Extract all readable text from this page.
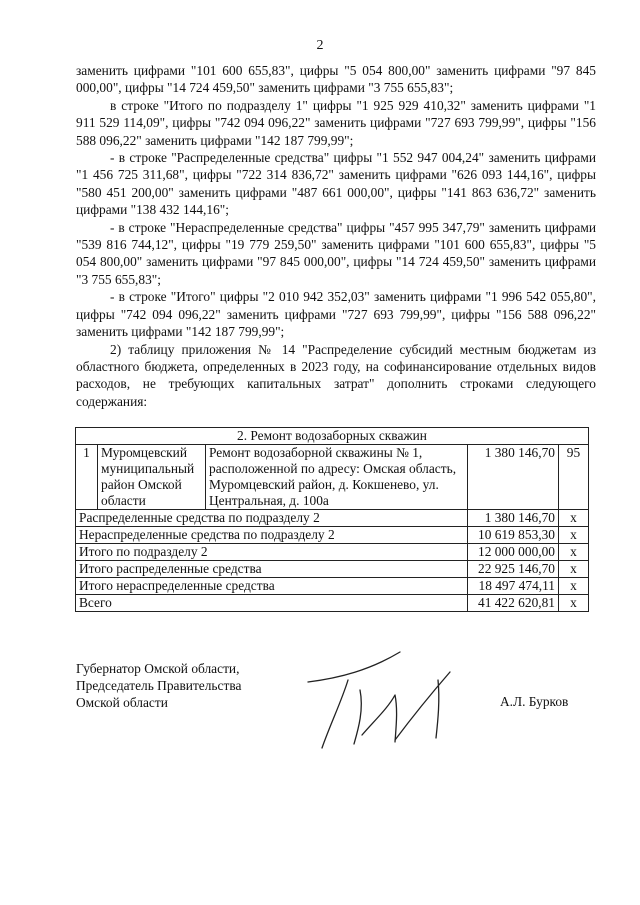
2

заменить цифрами "101 600 655,83", цифры "5 054 800,00" заменить цифрами "97 845 000,00", цифры "14 724 459,50" заменить цифрами "3 755 655,83";

в строке "Итого по подразделу 1" цифры "1 925 929 410,32" заменить цифрами "1 911 529 114,09", цифры "742 094 096,22" заменить цифрами "727 693 799,99", цифры "156 588 096,22" заменить цифрами "142 187 799,99";

- в строке "Распределенные средства" цифры "1 552 947 004,24" заменить цифрами "1 456 725 311,68", цифры "722 314 836,72" заменить цифрами "626 093 144,16", цифры "580 451 200,00" заменить цифрами "487 661 000,00", цифры "141 863 636,72" заменить цифрами "138 432 144,16";

- в строке "Нераспределенные средства" цифры "457 995 347,79" заменить цифрами "539 816 744,12", цифры "19 779 259,50" заменить цифрами "101 600 655,83", цифры "5 054 800,00" заменить цифрами "97 845 000,00", цифры "14 724 459,50" заменить цифрами "3 755 655,83";

- в строке "Итого" цифры "2 010 942 352,03" заменить цифрами "1 996 542 055,80", цифры "742 094 096,22" заменить цифрами "727 693 799,99", цифры "156 588 096,22" заменить цифрами "142 187 799,99";

2) таблицу приложения № 14 "Распределение субсидий местным бюджетам из областного бюджета, определенных в 2023 году, на софинансирование отдельных видов расходов, не требующих капитальных затрат" дополнить строками следующего содержания:

2. Ремонт водозаборных скважин				
1	Муромцевский муниципальный район Омской области	Ремонт водозаборной скважины № 1, расположенной по адресу: Омская область, Муромцевский район, д. Кокшенево, ул. Центральная, д. 100а	1 380 146,70	95
Распределенные средства по подразделу 2			1 380 146,70	x
Нераспределенные средства по подразделу 2			10 619 853,30	x
Итого по подразделу 2			12 000 000,00	x
Итого распределенные средства			22 925 146,70	x
Итого нераспределенные средства			18 497 474,11	x
Всего			41 422 620,81	x
Губернатор Омской области,
Председатель Правительства
Омской области	А.Л. Бурков
